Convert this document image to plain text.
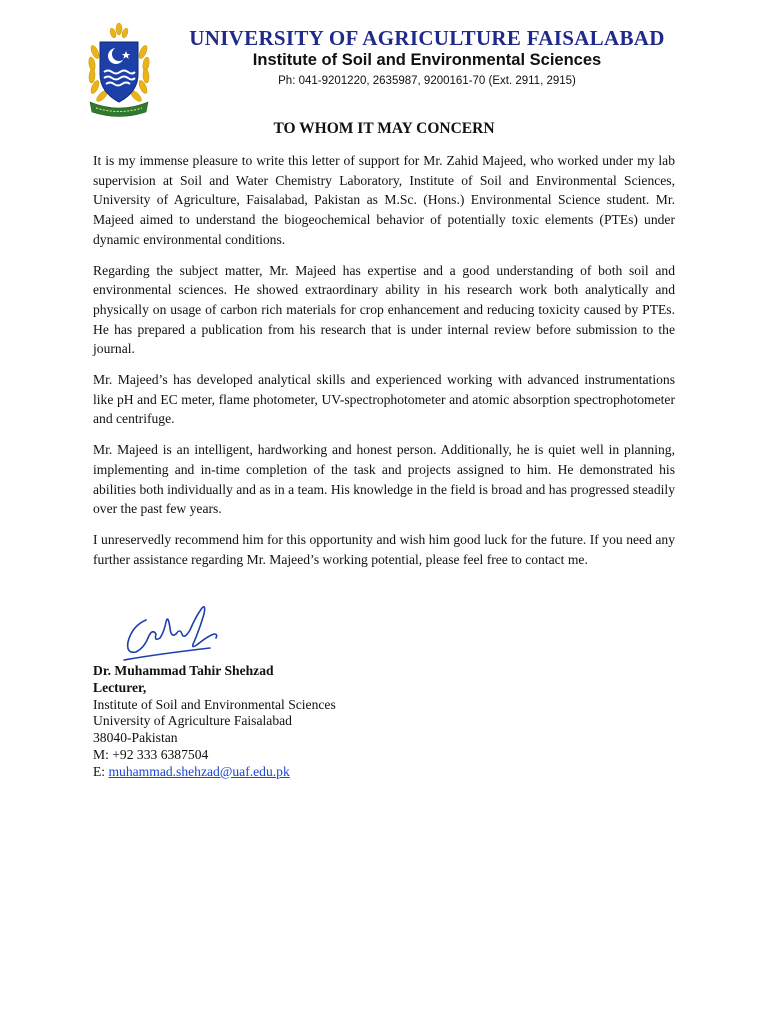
UNIVERSITY OF AGRICULTURE FAISALABAD
Institute of Soil and Environmental Sciences
Ph: 041-9201220, 2635987, 9200161-70 (Ext. 2911, 2915)
TO WHOM IT MAY CONCERN

It is my immense pleasure to write this letter of support for Mr. Zahid Majeed, who worked under my lab supervision at Soil and Water Chemistry Laboratory, Institute of Soil and Environmental Sciences, University of Agriculture, Faisalabad, Pakistan as M.Sc. (Hons.) Environmental Science student. Mr. Majeed aimed to understand the biogeochemical behavior of potentially toxic elements (PTEs) under dynamic environmental conditions.

Regarding the subject matter, Mr. Majeed has expertise and a good understanding of both soil and environmental sciences. He showed extraordinary ability in his research work both analytically and physically on usage of carbon rich materials for crop enhancement and reducing toxicity caused by PTEs. He has prepared a publication from his research that is under internal review before submission to the journal.

Mr. Majeed’s has developed analytical skills and experienced working with advanced instrumentations like pH and EC meter, flame photometer, UV-spectrophotometer and atomic absorption spectrophotometer and centrifuge.

Mr. Majeed is an intelligent, hardworking and honest person. Additionally, he is quiet well in planning, implementing and in-time completion of the task and projects assigned to him. He demonstrated his abilities both individually and as in a team. His knowledge in the field is broad and has progressed steadily over the past few years.

I unreservedly recommend him for this opportunity and wish him good luck for the future. If you need any further assistance regarding Mr. Majeed’s working potential, please feel free to contact me.

Dr. Muhammad Tahir Shehzad
Lecturer,
Institute of Soil and Environmental Sciences
University of Agriculture Faisalabad
38040-Pakistan
M: +92 333 6387504
E: muhammad.shehzad@uaf.edu.pk
